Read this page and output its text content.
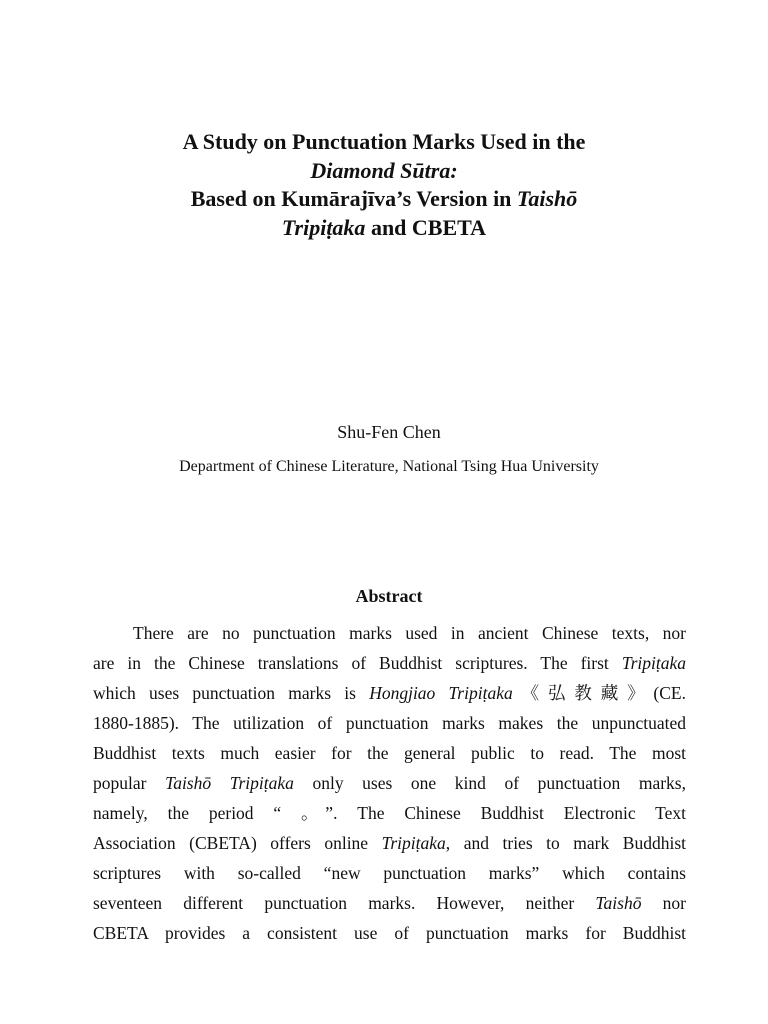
A Study on Punctuation Marks Used in the
Diamond Sūtra:
Based on Kumārajīva’s Version in Taishō
Tripiṭaka and CBETA
Shu-Fen Chen
Department of Chinese Literature, National Tsing Hua University
Abstract
There are no punctuation marks used in ancient Chinese texts, nor
are in the Chinese translations of Buddhist scriptures. The first Tripiṭaka
which uses punctuation marks is Hongjiao Tripiṭaka《弘教藏》(CE.
1880-1885). The utilization of punctuation marks makes the unpunctuated
Buddhist texts much easier for the general public to read. The most
popular Taishō Tripiṭaka only uses one kind of punctuation marks,
namely, the period “ 。”. The Chinese Buddhist Electronic Text
Association (CBETA) offers online Tripiṭaka, and tries to mark Buddhist
scriptures with so-called “new punctuation marks” which contains
seventeen different punctuation marks. However, neither Taishō nor
CBETA provides a consistent use of punctuation marks for Buddhist
